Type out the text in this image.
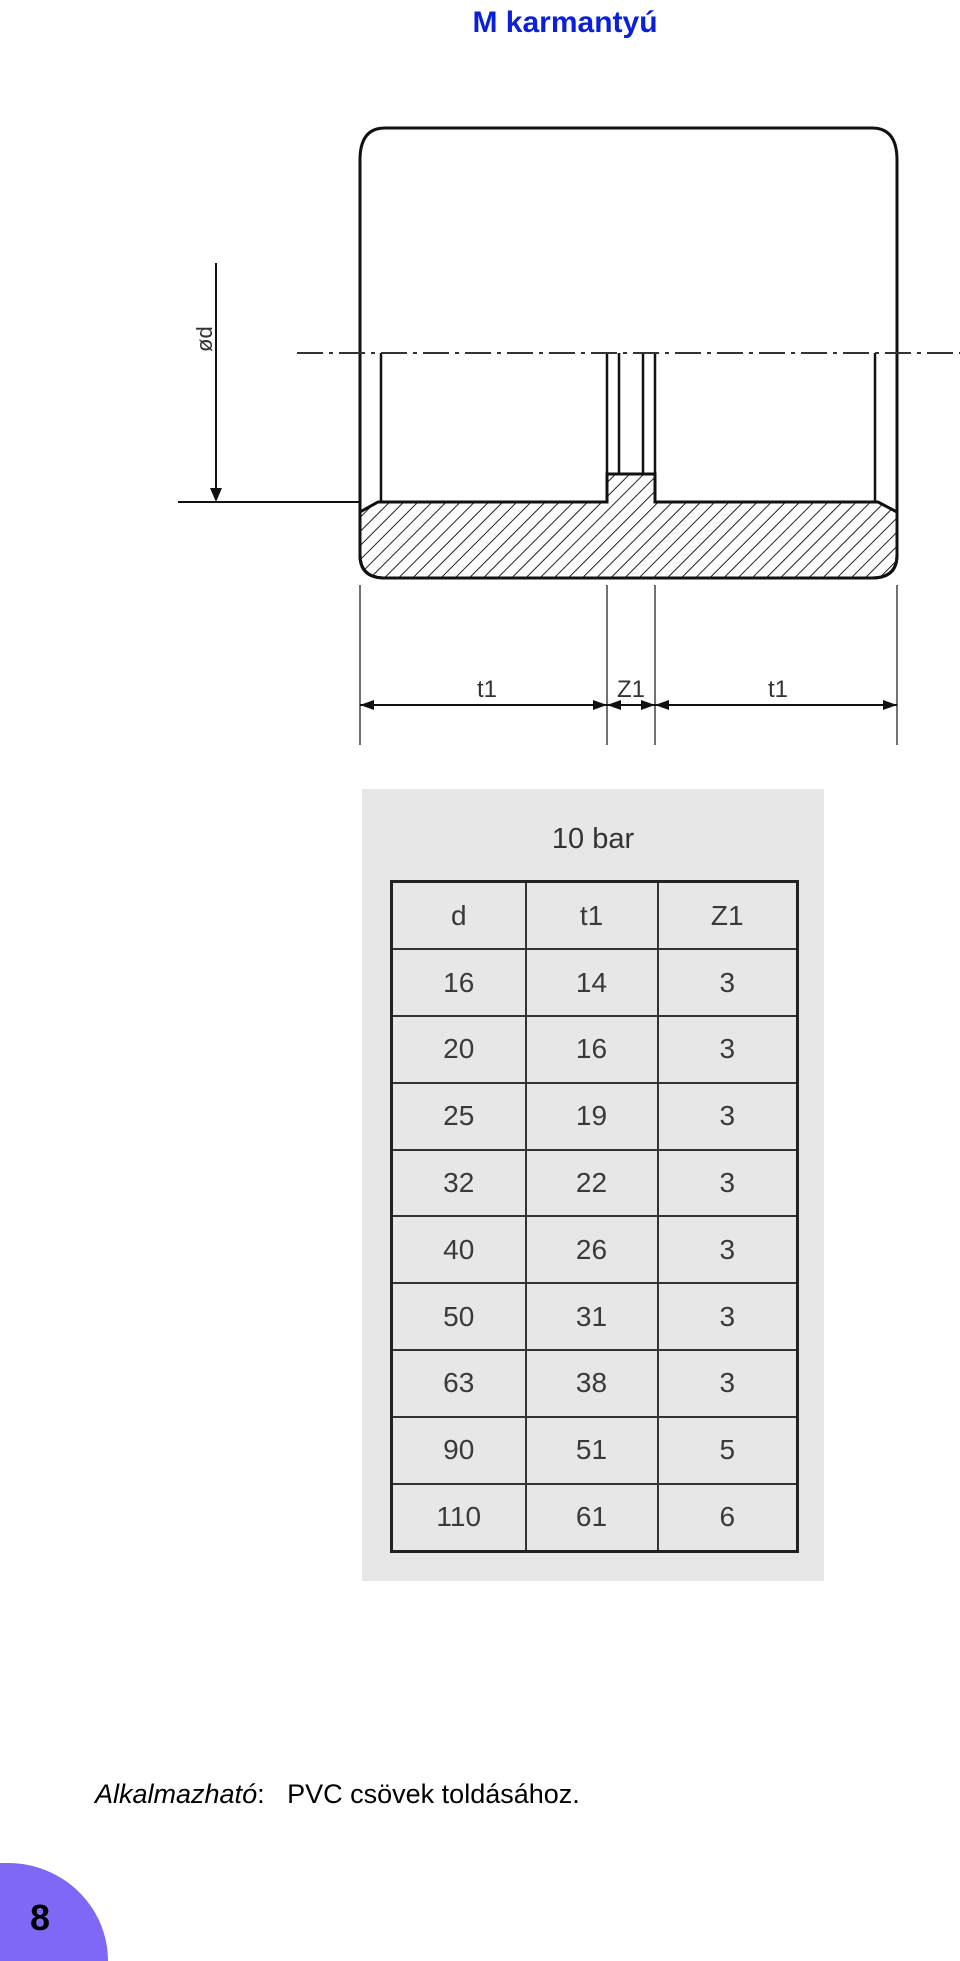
M karmantyú
ød
t1	Z1	t1
10 bar
d	t1	Z1
16	14	3
20	16	3
25	19	3
32	22	3
40	26	3
50	31	3
63	38	3
90	51	5
110	61	6
Alkalmazható: PVC csövek toldásához.
8
